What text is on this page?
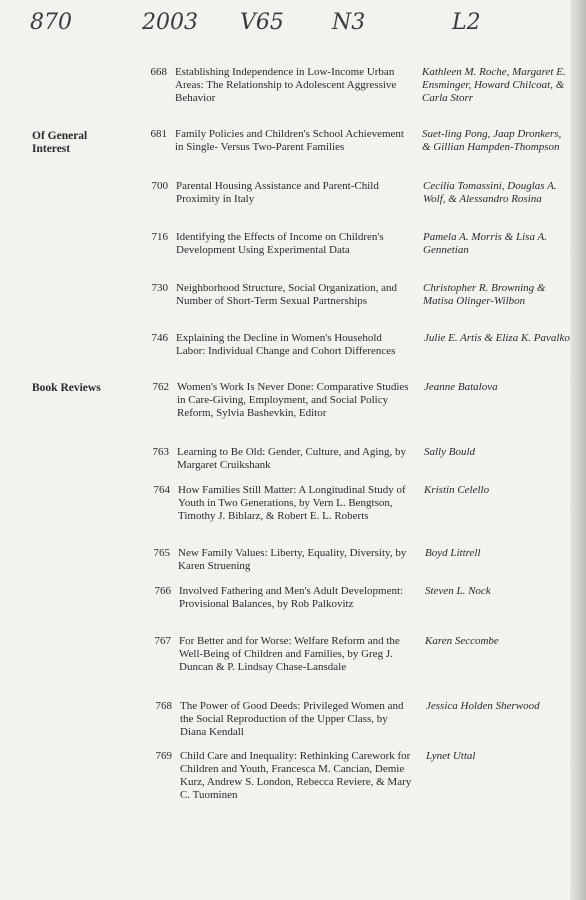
870	2003 V65 N3	L2
Of General Interest
Book Reviews
668 Establishing Independence in Low-Income Urban Areas: The Relationship to Adolescent Aggressive Behavior
Kathleen M. Roche, Margaret E. Ensminger, Howard Chilcoat, & Carla Storr
681 Family Policies and Children's School Achievement in Single- Versus Two-Parent Families
Suet-ling Pong, Jaap Dronkers, & Gillian Hampden-Thompson
700 Parental Housing Assistance and Parent-Child Proximity in Italy
Cecilia Tomassini, Douglas A. Wolf, & Alessandro Rosina
716 Identifying the Effects of Income on Children's Development Using Experimental Data
Pamela A. Morris & Lisa A. Gennetian
730 Neighborhood Structure, Social Organization, and Number of Short-Term Sexual Partnerships
Christopher R. Browning & Matisa Olinger-Wilbon
746 Explaining the Decline in Women's Household Labor: Individual Change and Cohort Differences
Julie E. Artis & Eliza K. Pavalko
762 Women's Work Is Never Done: Comparative Studies in Care-Giving, Employment, and Social Policy Reform, Sylvia Bashevkin, Editor
Jeanne Batalova
763 Learning to Be Old: Gender, Culture, and Aging, by Margaret Cruikshank
Sally Bould
764 How Families Still Matter: A Longitudinal Study of Youth in Two Generations, by Vern L. Bengtson, Timothy J. Biblarz, & Robert E. L. Roberts
Kristin Celello
765 New Family Values: Liberty, Equality, Diversity, by Karen Struening
Boyd Littrell
766 Involved Fathering and Men's Adult Development: Provisional Balances, by Rob Palkovitz
Steven L. Nock
767 For Better and for Worse: Welfare Reform and the Well-Being of Children and Families, by Greg J. Duncan & P. Lindsay Chase-Lansdale
Karen Seccombe
768 The Power of Good Deeds: Privileged Women and the Social Reproduction of the Upper Class, by Diana Kendall
Jessica Holden Sherwood
769 Child Care and Inequality: Rethinking Carework for Children and Youth, Francesca M. Cancian, Demie Kurz, Andrew S. London, Rebecca Reviere, & Mary C. Tuominen
Lynet Uttal
